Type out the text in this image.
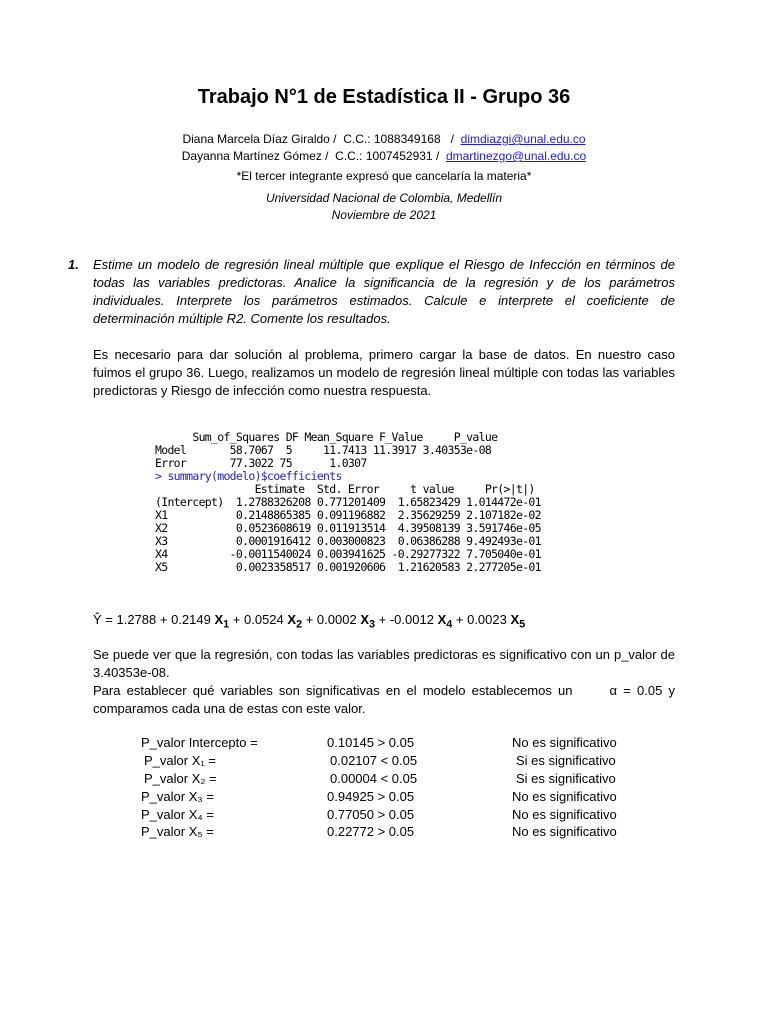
Trabajo N°1 de Estadística II - Grupo 36
Diana Marcela Díaz Giraldo /  C.C.: 1088349168   /  dimdiazgi@unal.edu.co
Dayanna Martínez Gómez /  C.C.: 1007452931 /  dmartinezgo@unal.edu.co
*El tercer integrante expresó que cancelaría la materia*
Universidad Nacional de Colombia, Medellín
Noviembre de 2021
1. Estime un modelo de regresión lineal múltiple que explique el Riesgo de Infección en términos de todas las variables predictoras. Analice la significancia de la regresión y de los parámetros individuales. Interprete los parámetros estimados. Calcule e interprete el coeficiente de determinación múltiple R2. Comente los resultados.
Es necesario para dar solución al problema, primero cargar la base de datos. En nuestro caso fuimos el grupo 36. Luego, realizamos un modelo de regresión lineal múltiple con todas las variables predictoras y Riesgo de infección como nuestra respuesta.
Sum_of_Squares DF Mean_Square F_Value     P_value
Model       58.7067  5     11.7413 11.3917 3.40353e-08
Error       77.3022 75      1.0307
> summary(modelo)$coefficients
Estimate  Std. Error     t value     Pr(>|t|)
(Intercept)  1.2788326208 0.771201409  1.65823429 1.014472e-01
X1           0.2148865385 0.091196882  2.35629259 2.107182e-02
X2           0.0523608619 0.011913514  4.39508139 3.591746e-05
X3           0.0001916412 0.003000823  0.06386288 9.492493e-01
X4          -0.0011540024 0.003941625 -0.29277322 7.705040e-01
X5           0.0023358517 0.001920606  1.21620583 2.277205e-01
Ŷ = 1.2788 + 0.2149 $X_1 + 0.0524$ $X_2 + 0.0002$ $X_3 + -0.0012$ $X_4 + 0.0023$ $X_5$
Se puede ver que la regresión, con todas las variables predictoras es significativo con un p_valor de 3.40353e-08.
Para establecer qué variables son significativas en el modelo establecemos un      α = 0.05 y comparamos cada una de estas con este valor.
P_valor Intercepto =	0.10145 > 0.05	No es significativo
P_valor X₁ =	0.02107 < 0.05	Si es significativo
P_valor X₂ =	0.00004 < 0.05	Si es significativo
P_valor X₃ =	0.94925 > 0.05	No es significativo
P_valor X₄ =	0.77050 > 0.05	No es significativo
P_valor X₅ =	0.22772 > 0.05	No es significativo
